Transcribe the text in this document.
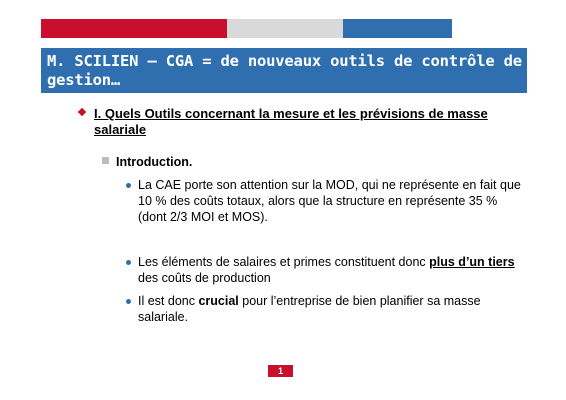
M. SCILIEN – CGA = de nouveaux outils de contrôle de gestion…
I. Quels Outils concernant la mesure et les prévisions de masse salariale
Introduction.
La CAE porte son attention sur la MOD, qui ne représente en fait que 10 % des coûts totaux, alors que la structure en représente 35 % (dont 2/3 MOI et MOS).
Les éléments de salaires et primes constituent donc plus d’un tiers des coûts de production
Il est donc crucial pour l’entreprise de bien planifier sa masse salariale.
1
